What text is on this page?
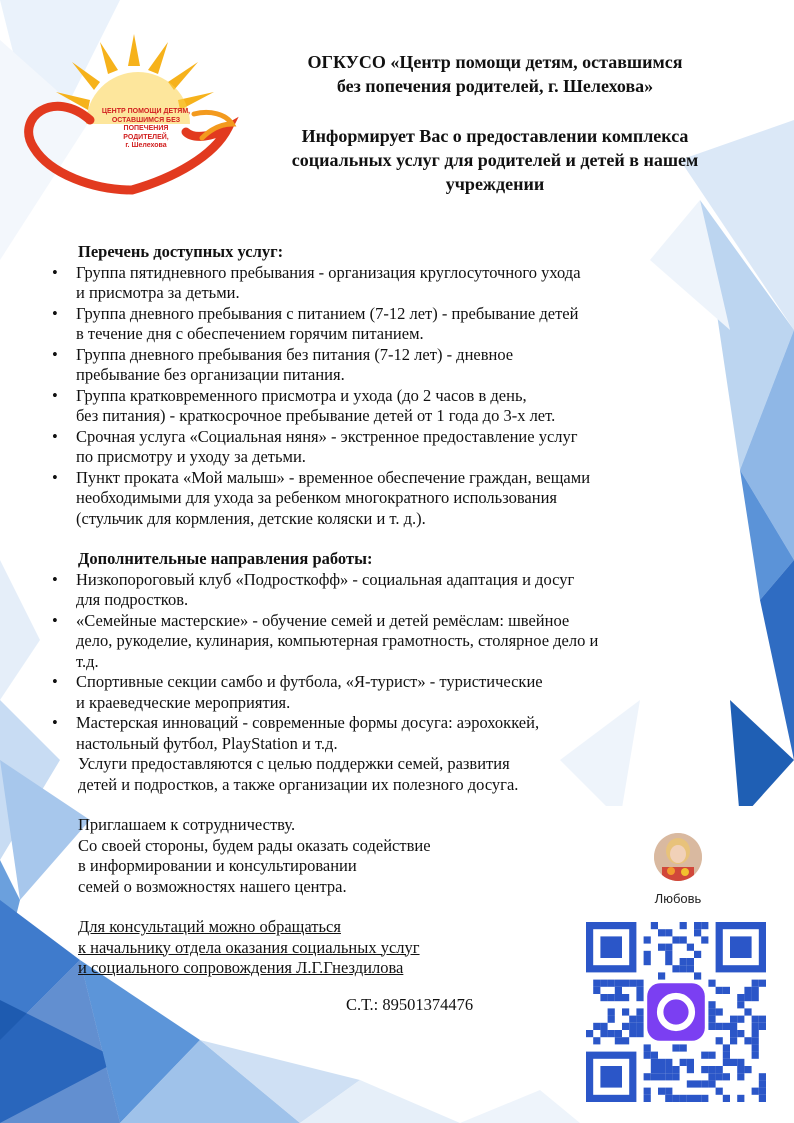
ЦЕНТР ПОМОЩИ ДЕТЯМ,
ОСТАВШИМСЯ БЕЗ ПОПЕЧЕНИЯ
РОДИТЕЛЕЙ,
г. Шелехова
ОГКУСО «Центр помощи детям, оставшимся
без попечения родителей, г. Шелехова»
Информирует Вас о предоставлении комплекса
социальных услуг для родителей и детей в нашем
учреждении
Перечень доступных услуг:
• Группа пятидневного пребывания - организация круглосуточного ухода
и присмотра за детьми.
• Группа дневного пребывания с питанием (7-12 лет) - пребывание детей
в течение дня с обеспечением горячим питанием.
• Группа дневного пребывания без питания (7-12 лет) - дневное
пребывание без организации питания.
• Группа кратковременного присмотра и ухода (до 2 часов в день,
без питания) - краткосрочное пребывание детей от 1 года до 3-х лет.
• Срочная услуга «Социальная няня» - экстренное предоставление услуг
по присмотру и уходу за детьми.
• Пункт проката «Мой малыш» - временное обеспечение граждан, вещами
необходимыми для ухода за ребенком многократного использования
(стульчик для кормления, детские коляски и т. д.).
Дополнительные направления работы:
• Низкопороговый клуб «Подросткофф» - социальная адаптация и досуг
для подростков.
• «Семейные мастерские» - обучение семей и детей ремёслам: швейное
дело, рукоделие, кулинария, компьютерная грамотность, столярное дело и
т.д.
• Спортивные секции самбо и футбола, «Я-турист» - туристические
и краеведческие мероприятия.
• Мастерская инноваций - современные формы досуга: аэрохоккей,
настольный футбол, PlayStation и т.д.
Услуги предоставляются с целью поддержки семей, развития
детей и подростков, а также организации их полезного досуга.
Приглашаем к сотрудничеству.
Со своей стороны, будем рады оказать содействие
в информировании и консультировании
семей о возможностях нашего центра.
Для консультаций можно обращаться
к начальнику отдела оказания социальных услуг
и социального сопровождения Л.Г.Гнездилова
С.Т.: 89501374476
Любовь
